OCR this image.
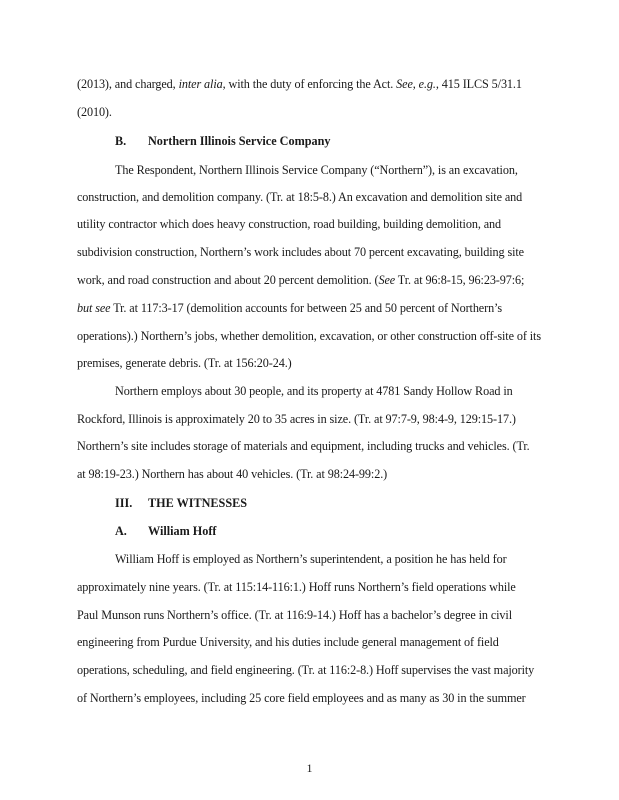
(2013), and charged, inter alia, with the duty of enforcing the Act. See, e.g., 415 ILCS 5/31.1
(2010).
B. Northern Illinois Service Company
The Respondent, Northern Illinois Service Company (“Northern”), is an excavation,
construction, and demolition company. (Tr. at 18:5-8.) An excavation and demolition site and
utility contractor which does heavy construction, road building, building demolition, and
subdivision construction, Northern’s work includes about 70 percent excavating, building site
work, and road construction and about 20 percent demolition. (See Tr. at 96:8-15, 96:23-97:6;
but see Tr. at 117:3-17 (demolition accounts for between 25 and 50 percent of Northern’s
operations).) Northern’s jobs, whether demolition, excavation, or other construction off-site of its
premises, generate debris. (Tr. at 156:20-24.)
Northern employs about 30 people, and its property at 4781 Sandy Hollow Road in
Rockford, Illinois is approximately 20 to 35 acres in size. (Tr. at 97:7-9, 98:4-9, 129:15-17.)
Northern’s site includes storage of materials and equipment, including trucks and vehicles. (Tr.
at 98:19-23.) Northern has about 40 vehicles. (Tr. at 98:24-99:2.)
III. THE WITNESSES
A. William Hoff
William Hoff is employed as Northern’s superintendent, a position he has held for
approximately nine years. (Tr. at 115:14-116:1.) Hoff runs Northern’s field operations while
Paul Munson runs Northern’s office. (Tr. at 116:9-14.) Hoff has a bachelor’s degree in civil
engineering from Purdue University, and his duties include general management of field
operations, scheduling, and field engineering. (Tr. at 116:2-8.) Hoff supervises the vast majority
of Northern’s employees, including 25 core field employees and as many as 30 in the summer
1
